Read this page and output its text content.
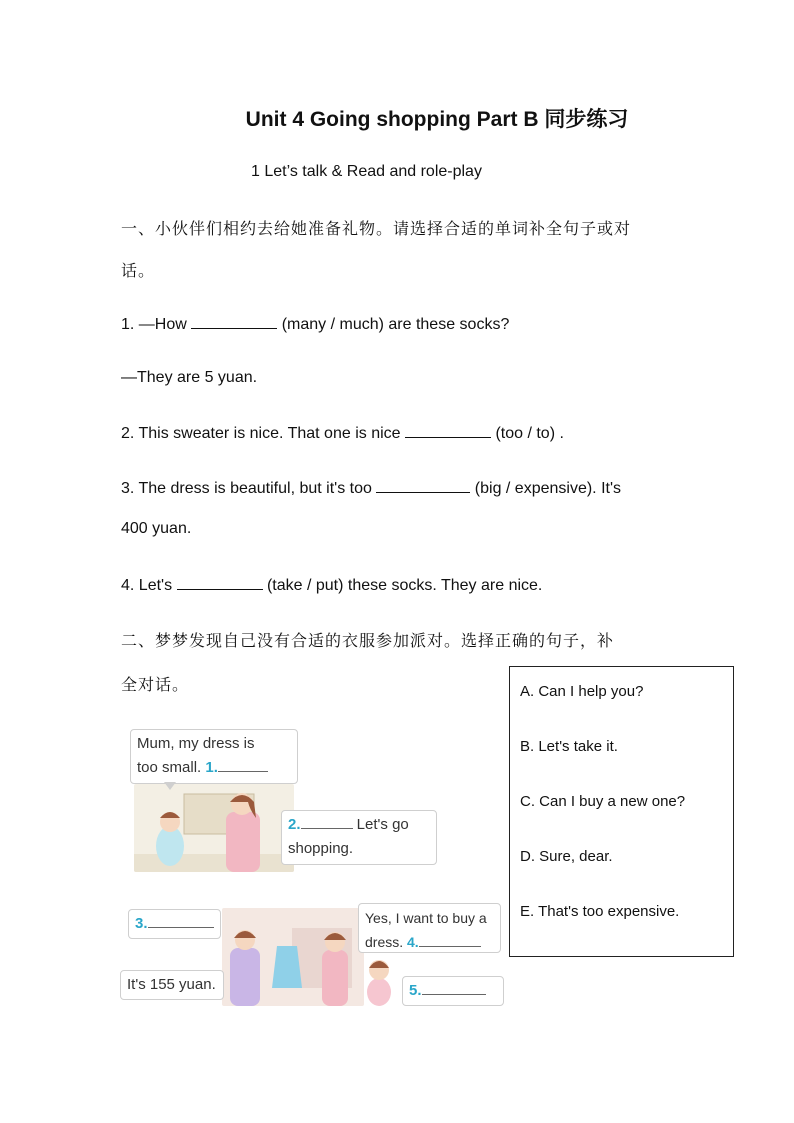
Unit 4 Going shopping Part B 同步练习
1 Let’s talk & Read and role-play
一、小伙伴们相约去给她准备礼物。请选择合适的单词补全句子或对
话。
1. —How	(many / much) are these socks?
—They are 5 yuan.
2. This sweater is nice. That one is nice	(too / to) .
3. The dress is beautiful, but it's too	(big / expensive). It's
400 yuan.
4. Let's	(take / put) these socks. They are nice.
二、梦梦发现自己没有合适的衣服参加派对。选择正确的句子，补
全对话。	A. Can I help you?
B. Let's take it.
C. Can I buy a new one?
D. Sure, dear.
E. That's too expensive.
Mum, my dress is
too small. 1.
2.	Let's go
shopping.
3.	Yes, I want to buy a
dress. 4.
It's 155 yuan.	5.
